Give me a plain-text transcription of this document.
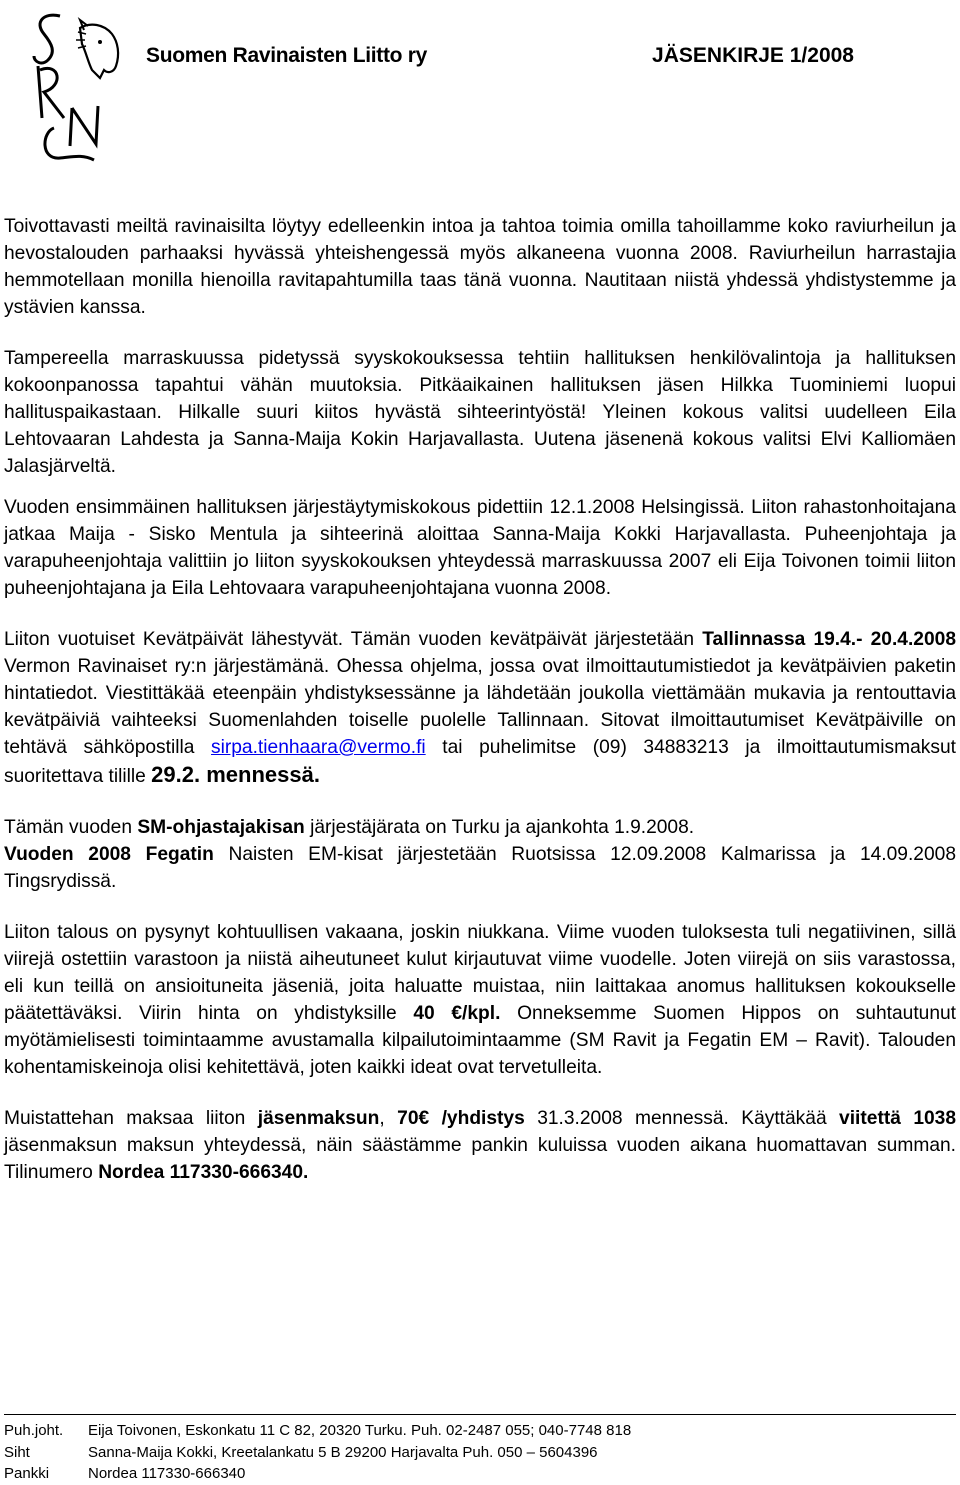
Suomen Ravinaisten Liitto ry	JÄSENKIRJE 1/2008

Toivottavasti meiltä ravinaisilta löytyy edelleenkin intoa ja tahtoa toimia omilla tahoillamme koko raviurheilun ja hevostalouden parhaaksi hyvässä yhteishengessä myös alkaneena vuonna 2008. Raviurheilun harrastajia hemmotellaan monilla hienoilla ravitapahtumilla taas tänä vuonna. Nautitaan niistä yhdessä yhdistystemme ja ystävien kanssa.

Tampereella marraskuussa pidetyssä syyskokouksessa tehtiin hallituksen henkilövalintoja ja hallituksen kokoonpanossa tapahtui vähän muutoksia. Pitkäaikainen hallituksen jäsen Hilkka Tuominiemi luopui hallituspaikastaan. Hilkalle suuri kiitos hyvästä sihteerintyöstä! Yleinen kokous valitsi uudelleen Eila Lehtovaaran Lahdesta ja Sanna-Maija Kokin Harjavallasta. Uutena jäsenenä kokous valitsi Elvi Kalliomäen Jalasjärveltä.

Vuoden ensimmäinen hallituksen järjestäytymiskokous pidettiin 12.1.2008 Helsingissä. Liiton rahastonhoitajana jatkaa Maija - Sisko Mentula ja sihteerinä aloittaa Sanna-Maija Kokki Harjavallasta. Puheenjohtaja ja varapuheenjohtaja valittiin jo liiton syyskokouksen yhteydessä marraskuussa 2007 eli Eija Toivonen toimii liiton puheenjohtajana ja Eila Lehtovaara varapuheenjohtajana vuonna 2008.

Liiton vuotuiset Kevätpäivät lähestyvät. Tämän vuoden kevätpäivät järjestetään Tallinnassa 19.4.- 20.4.2008 Vermon Ravinaiset ry:n järjestämänä. Ohessa ohjelma, jossa ovat ilmoittautumistiedot ja kevätpäivien paketin hintatiedot. Viestittäkää eteenpäin yhdistyksessänne ja lähdetään joukolla viettämään mukavia ja rentouttavia kevätpäiviä vaihteeksi Suomenlahden toiselle puolelle Tallinnaan. Sitovat ilmoittautumiset Kevätpäiville on tehtävä sähköpostilla sirpa.tienhaara@vermo.fi tai puhelimitse (09) 34883213 ja ilmoittautumismaksut suoritettava tilille 29.2. mennessä.

Tämän vuoden SM-ohjastajakisan järjestäjärata on Turku ja ajankohta 1.9.2008.
Vuoden 2008 Fegatin Naisten EM-kisat järjestetään Ruotsissa 12.09.2008 Kalmarissa ja 14.09.2008 Tingsrydissä.

Liiton talous on pysynyt kohtuullisen vakaana, joskin niukkana. Viime vuoden tuloksesta tuli negatiivinen, sillä viirejä ostettiin varastoon ja niistä aiheutuneet kulut kirjautuvat viime vuodelle. Joten viirejä on siis varastossa, eli kun teillä on ansioituneita jäseniä, joita haluatte muistaa, niin laittakaa anomus hallituksen kokoukselle päätettäväksi. Viirin hinta on yhdistyksille 40 €/kpl. Onneksemme Suomen Hippos on suhtautunut myötämielisesti toimintaamme avustamalla kilpailutoimintaamme (SM Ravit ja Fegatin EM – Ravit). Talouden kohentamiskeinoja olisi kehitettävä, joten kaikki ideat ovat tervetulleita.

Muistattehan maksaa liiton jäsenmaksun, 70€ /yhdistys 31.3.2008 mennessä. Käyttäkää viitettä 1038 jäsenmaksun maksun yhteydessä, näin säästämme pankin kuluissa vuoden aikana huomattavan summan. Tilinumero Nordea 117330-666340.

Puh.joht. Eija Toivonen, Eskonkatu 11 C 82, 20320 Turku. Puh. 02-2487 055; 040-7748 818
Siht	Sanna-Maija Kokki, Kreetalankatu 5 B 29200 Harjavalta Puh. 050 – 5604396
Pankki	Nordea 117330-666340
